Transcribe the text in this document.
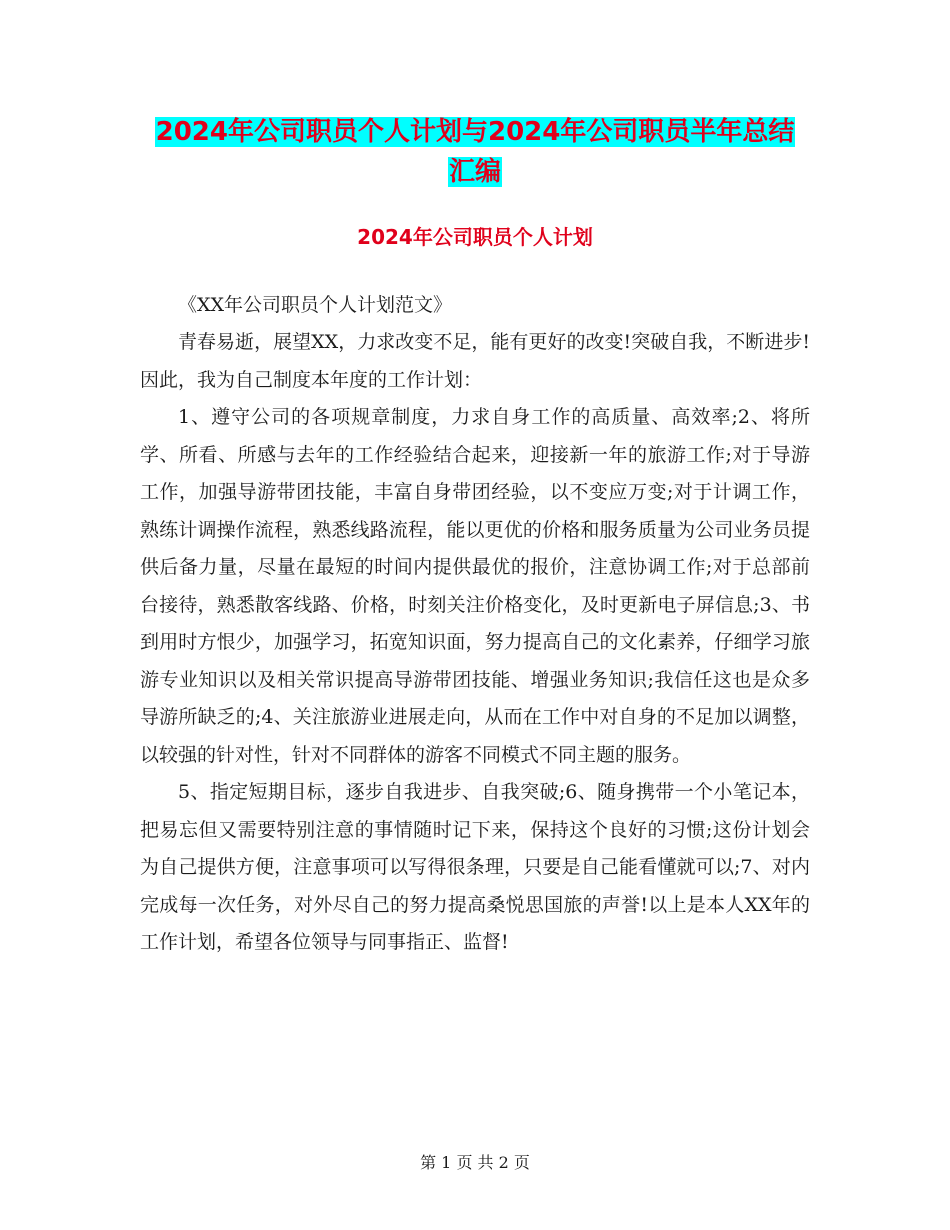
2024年公司职员个人计划与2024年公司职员半年总结
汇编
2024年公司职员个人计划

《XX年公司职员个人计划范文》

青春易逝，展望XX，力求改变不足，能有更好的改变!突破自我，不断进步!因此，我为自己制度本年度的工作计划：

1、遵守公司的各项规章制度，力求自身工作的高质量、高效率;2、将所学、所看、所感与去年的工作经验结合起来，迎接新一年的旅游工作;对于导游工作，加强导游带团技能，丰富自身带团经验，以不变应万变;对于计调工作，熟练计调操作流程，熟悉线路流程，能以更优的价格和服务质量为公司业务员提供后备力量，尽量在最短的时间内提供最优的报价，注意协调工作;对于总部前台接待，熟悉散客线路、价格，时刻关注价格变化，及时更新电子屏信息;3、书到用时方恨少，加强学习，拓宽知识面，努力提高自己的文化素养，仔细学习旅游专业知识以及相关常识提高导游带团技能、增强业务知识;我信任这也是众多导游所缺乏的;4、关注旅游业进展走向，从而在工作中对自身的不足加以调整，以较强的针对性，针对不同群体的游客不同模式不同主题的服务。

5、指定短期目标，逐步自我进步、自我突破;6、随身携带一个小笔记本，把易忘但又需要特别注意的事情随时记下来，保持这个良好的习惯;这份计划会为自己提供方便，注意事项可以写得很条理，只要是自己能看懂就可以;7、对内完成每一次任务，对外尽自己的努力提高桑悦思国旅的声誉!以上是本人XX年的工作计划，希望各位领导与同事指正、监督!

第 1 页 共 2 页
